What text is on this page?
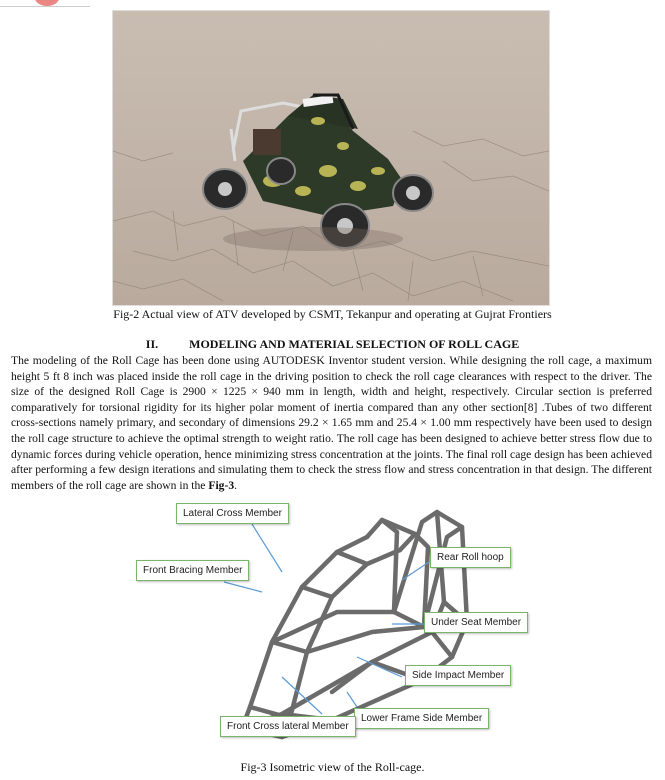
Fig-2 Actual view of ATV developed by CSMT, Tekanpur and operating at Gujrat Frontiers
II.	MODELING AND MATERIAL SELECTION OF ROLL CAGE
The modeling of the Roll Cage has been done using AUTODESK Inventor student version. While designing the roll cage, a maximum height 5 ft 8 inch was placed inside the roll cage in the driving position to check the roll cage clearances with respect to the driver. The size of the designed Roll Cage is 2900 × 1225 × 940 mm in length, width and height, respectively. Circular section is preferred comparatively for torsional rigidity for its higher polar moment of inertia compared than any other section[8] .Tubes of two different cross-sections namely primary, and secondary of dimensions 29.2 × 1.65 mm and 25.4 × 1.00 mm respectively have been used to design the roll cage structure to achieve the optimal strength to weight ratio. The roll cage has been designed to achieve better stress flow due to dynamic forces during vehicle operation, hence minimizing stress concentration at the joints. The final roll cage design has been achieved after performing a few design iterations and simulating them to check the stress flow and stress concentration in that design. The different members of the roll cage are shown in the Fig-3.
Lateral Cross Member
Front Bracing Member
Rear Roll hoop
Under Seat Member
Side Impact Member
Lower Frame Side Member
Front Cross lateral Member
Fig-3 Isometric view of the Roll-cage.
